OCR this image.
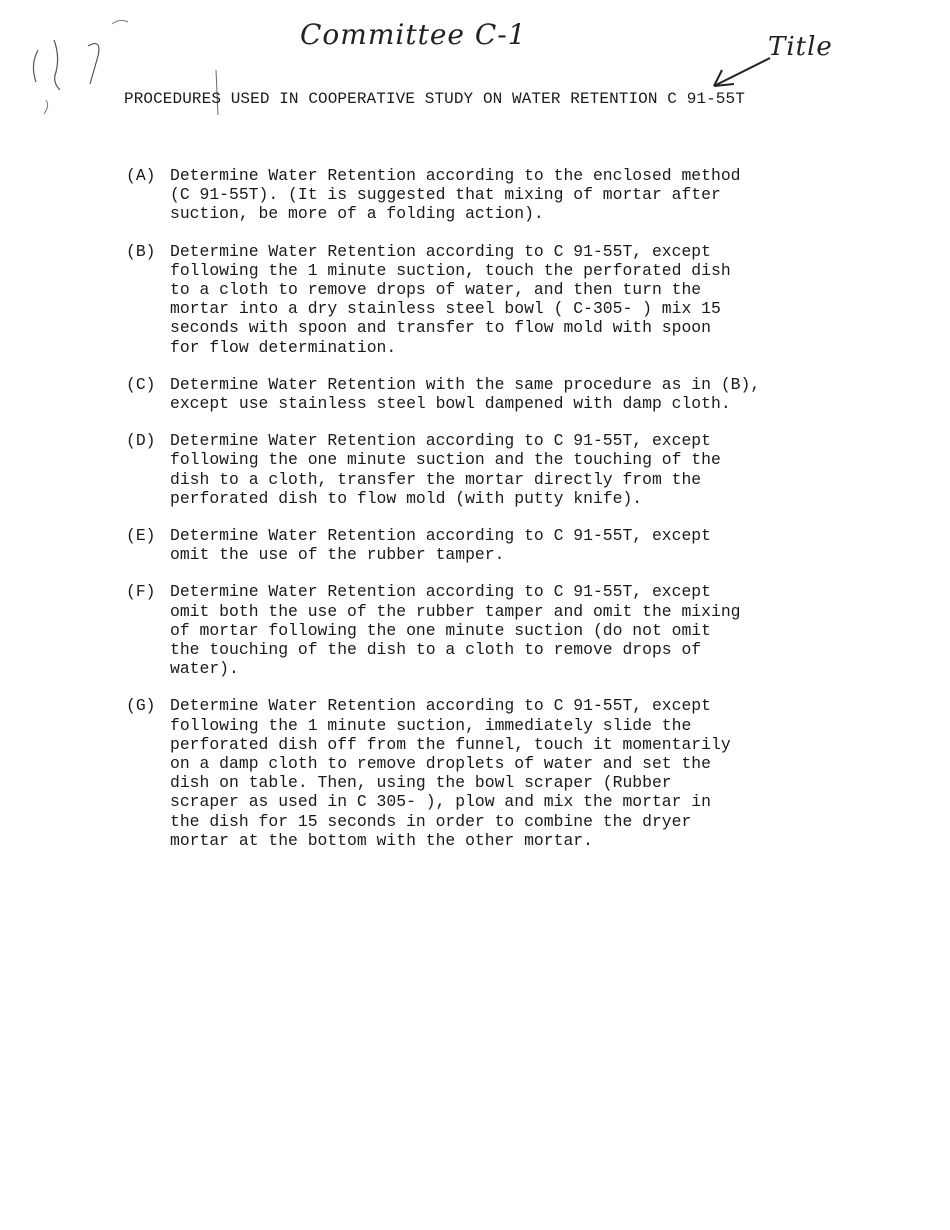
Committee C-1	Title
PROCEDURES USED IN COOPERATIVE STUDY ON WATER RETENTION C 91-55T
(A) Determine Water Retention according to the enclosed method
(C 91-55T). (It is suggested that mixing of mortar after
suction, be more of a folding action).
(B) Determine Water Retention according to C 91-55T, except
following the 1 minute suction, touch the perforated dish
to a cloth to remove drops of water, and then turn the
mortar into a dry stainless steel bowl ( C-305- ) mix 15
seconds with spoon and transfer to flow mold with spoon
for flow determination.
(C) Determine Water Retention with the same procedure as in (B),
except use stainless steel bowl dampened with damp cloth.
(D) Determine Water Retention according to C 91-55T, except
following the one minute suction and the touching of the
dish to a cloth, transfer the mortar directly from the
perforated dish to flow mold (with putty knife).
(E) Determine Water Retention according to C 91-55T, except
omit the use of the rubber tamper.
(F) Determine Water Retention according to C 91-55T, except
omit both the use of the rubber tamper and omit the mixing
of mortar following the one minute suction (do not omit
the touching of the dish to a cloth to remove drops of
water).
(G) Determine Water Retention according to C 91-55T, except
following the 1 minute suction, immediately slide the
perforated dish off from the funnel, touch it momentarily
on a damp cloth to remove droplets of water and set the
dish on table. Then, using the bowl scraper (Rubber
scraper as used in C 305- ), plow and mix the mortar in
the dish for 15 seconds in order to combine the dryer
mortar at the bottom with the other mortar.
